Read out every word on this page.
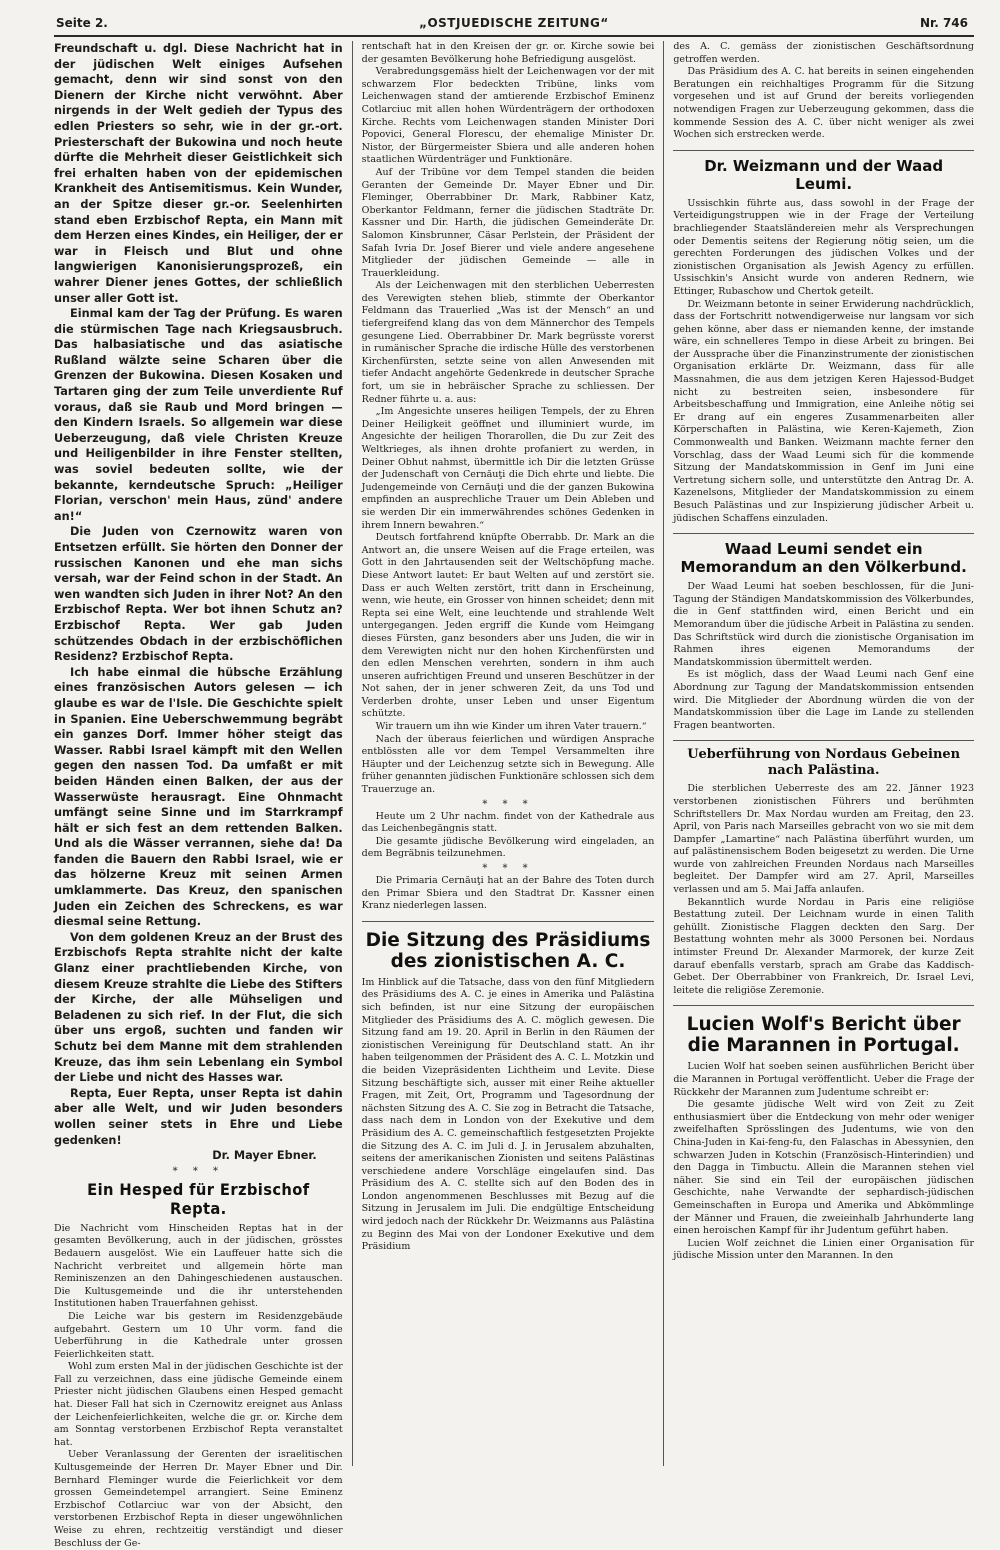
Seite 2.	„OSTJUEDISCHE ZEITUNG“	Nr. 746

Freundschaft u. dgl. Diese Nachricht hat in der jüdischen Welt einiges Aufsehen gemacht, denn wir sind sonst von den Dienern der Kirche nicht verwöhnt. Aber nirgends in der Welt gedieh der Typus des edlen Priesters so sehr, wie in der gr.-ort. Priesterschaft der Bukowina und noch heute dürfte die Mehrheit dieser Geistlichkeit sich frei erhalten haben von der epidemischen Krankheit des Antisemitismus. Kein Wunder, an der Spitze dieser gr.-or. Seelenhirten stand eben Erzbischof Repta, ein Mann mit dem Herzen eines Kindes, ein Heiliger, der er war in Fleisch und Blut und ohne langwierigen Kanonisierungsprozeß, ein wahrer Diener jenes Gottes, der schließlich unser aller Gott ist.

Einmal kam der Tag der Prüfung. Es waren die stürmischen Tage nach Kriegsausbruch. Das halbasiatische und das asiatische Rußland wälzte seine Scharen über die Grenzen der Bukowina. Diesen Kosaken und Tartaren ging der zum Teile unverdiente Ruf voraus, daß sie Raub und Mord bringen — den Kindern Israels. So allgemein war diese Ueberzeugung, daß viele Christen Kreuze und Heiligenbilder in ihre Fenster stellten, was soviel bedeuten sollte, wie der bekannte, kerndeutsche Spruch: „Heiliger Florian, verschon' mein Haus, zünd' andere an!“

Die Juden von Czernowitz waren von Entsetzen erfüllt. Sie hörten den Donner der russischen Kanonen und ehe man sichs versah, war der Feind schon in der Stadt. An wen wandten sich Juden in ihrer Not? An den Erzbischof Repta. Wer bot ihnen Schutz an? Erzbischof Repta. Wer gab Juden schützendes Obdach in der erzbischöflichen Residenz? Erzbischof Repta.

Ich habe einmal die hübsche Erzählung eines französischen Autors gelesen — ich glaube es war de l'Isle. Die Geschichte spielt in Spanien. Eine Ueberschwemmung begräbt ein ganzes Dorf. Immer höher steigt das Wasser. Rabbi Israel kämpft mit den Wellen gegen den nassen Tod. Da umfaßt er mit beiden Händen einen Balken, der aus der Wasserwüste herausragt. Eine Ohnmacht umfängt seine Sinne und im Starrkrampf hält er sich fest an dem rettenden Balken. Und als die Wässer verrannen, siehe da! Da fanden die Bauern den Rabbi Israel, wie er das hölzerne Kreuz mit seinen Armen umklammerte. Das Kreuz, den spanischen Juden ein Zeichen des Schreckens, es war diesmal seine Rettung.

Von dem goldenen Kreuz an der Brust des Erzbischofs Repta strahlte nicht der kalte Glanz einer prachtliebenden Kirche, von diesem Kreuze strahlte die Liebe des Stifters der Kirche, der alle Mühseligen und Beladenen zu sich rief. In der Flut, die sich über uns ergoß, suchten und fanden wir Schutz bei dem Manne mit dem strahlenden Kreuze, das ihm sein Lebenlang ein Symbol der Liebe und nicht des Hasses war.

Repta, Euer Repta, unser Repta ist dahin aber alle Welt, und wir Juden besonders wollen seiner stets in Ehre und Liebe gedenken!

Dr. Mayer Ebner.
* * *
Ein Hesped für Erzbischof Repta.

Die Nachricht vom Hinscheiden Reptas hat in der gesamten Bevölkerung, auch in der jüdischen, grösstes Bedauern ausgelöst. Wie ein Lauffeuer hatte sich die Nachricht verbreitet und allgemein hörte man Reminiszenzen an den Dahingeschiedenen austauschen. Die Kultusgemeinde und die ihr unterstehenden Institutionen haben Trauerfahnen gehisst.

Die Leiche war bis gestern im Residenzgebäude aufgebahrt. Gestern um 10 Uhr vorm. fand die Ueberführung in die Kathedrale unter grossen Feierlichkeiten statt.

Wohl zum ersten Mal in der jüdischen Geschichte ist der Fall zu verzeichnen, dass eine jüdische Gemeinde einem Priester nicht jüdischen Glaubens einen Hesped gemacht hat. Dieser Fall hat sich in Czernowitz ereignet aus Anlass der Leichenfeierlichkeiten, welche die gr. or. Kirche dem am Sonntag verstorbenen Erzbischof Repta veranstaltet hat.

Ueber Veranlassung der Gerenten der israelitischen Kultusgemeinde der Herren Dr. Mayer Ebner und Dir. Bernhard Fleminger wurde die Feierlichkeit vor dem grossen Gemeindetempel arrangiert. Seine Eminenz Erzbischof Cotlarciuc war von der Absicht, den verstorbenen Erzbischof Repta in dieser ungewöhnlichen Weise zu ehren, rechtzeitig verständigt und dieser Beschluss der Ge-

rentschaft hat in den Kreisen der gr. or. Kirche sowie bei der gesamten Bevölkerung hohe Befriedigung ausgelöst.

Verabredungsgemäss hielt der Leichenwagen vor der mit schwarzem Flor bedeckten Tribüne, links vom Leichenwagen stand der amtierende Erzbischof Eminenz Cotlarciuc mit allen hohen Würdenträgern der orthodoxen Kirche. Rechts vom Leichenwagen standen Minister Dori Popovici, General Florescu, der ehemalige Minister Dr. Nistor, der Bürgermeister Sbiera und alle anderen hohen staatlichen Würdenträger und Funktionäre.

Auf der Tribüne vor dem Tempel standen die beiden Geranten der Gemeinde Dr. Mayer Ebner und Dir. Fleminger, Oberrabbiner Dr. Mark, Rabbiner Katz, Oberkantor Feldmann, ferner die jüdischen Stadträte Dr. Kassner und Dir. Harth, die jüdischen Gemeinderäte Dr. Salomon Kinsbrunner, Cäsar Perlstein, der Präsident der Safah Ivria Dr. Josef Bierer und viele andere angesehene Mitglieder der jüdischen Gemeinde — alle in Trauerkleidung.

Als der Leichenwagen mit den sterblichen Ueberresten des Verewigten stehen blieb, stimmte der Oberkantor Feldmann das Trauerlied „Was ist der Mensch“ an und tiefergreifend klang das von dem Männerchor des Tempels gesungene Lied. Oberrabbiner Dr. Mark begrüsste vorerst in rumänischer Sprache die irdische Hülle des verstorbenen Kirchenfürsten, setzte seine von allen Anwesenden mit tiefer Andacht angehörte Gedenkrede in deutscher Sprache fort, um sie in hebräischer Sprache zu schliessen. Der Redner führte u. a. aus:

„Im Angesichte unseres heiligen Tempels, der zu Ehren Deiner Heiligkeit geöffnet und illuminiert wurde, im Angesichte der heiligen Thorarollen, die Du zur Zeit des Weltkrieges, als ihnen drohte profaniert zu werden, in Deiner Obhut nahmst, übermittle ich Dir die letzten Grüsse der Judenschaft von Cernăuţi die Dich ehrte und liebte. Die Judengemeinde von Cernăuţi und die der ganzen Bukowina empfinden an ausprechliche Trauer um Dein Ableben und sie werden Dir ein immerwährendes schönes Gedenken in ihrem Innern bewahren.“

Deutsch fortfahrend knüpfte Oberrabb. Dr. Mark an die Antwort an, die unsere Weisen auf die Frage erteilen, was Gott in den Jahrtausenden seit der Weltschöpfung mache. Diese Antwort lautet: Er baut Welten auf und zerstört sie. Dass er auch Welten zerstört, tritt dann in Erscheinung, wenn, wie heute, ein Grosser von hinnen scheidet; denn mit Repta sei eine Welt, eine leuchtende und strahlende Welt untergegangen. Jeden ergriff die Kunde vom Heimgang dieses Fürsten, ganz besonders aber uns Juden, die wir in dem Verewigten nicht nur den hohen Kirchenfürsten und den edlen Menschen verehrten, sondern in ihm auch unseren aufrichtigen Freund und unseren Beschützer in der Not sahen, der in jener schweren Zeit, da uns Tod und Verderben drohte, unser Leben und unser Eigentum schützte.

Wir trauern um ihn wie Kinder um ihren Vater trauern.“

Nach der überaus feierlichen und würdigen Ansprache entblössten alle vor dem Tempel Versammelten ihre Häupter und der Leichenzug setzte sich in Bewegung. Alle früher genannten jüdischen Funktionäre schlossen sich dem Trauerzuge an.

* * *

Heute um 2 Uhr nachm. findet von der Kathedrale aus das Leichenbegängnis statt.

Die gesamte jüdische Bevölkerung wird eingeladen, an dem Begräbnis teilzunehmen.

* * *

Die Primaria Cernăuţi hat an der Bahre des Toten durch den Primar Sbiera und den Stadtrat Dr. Kassner einen Kranz niederlegen lassen.

Die Sitzung des Präsidiums des zionistischen A. C.

Im Hinblick auf die Tatsache, dass von den fünf Mitgliedern des Präsidiums des A. C. je eines in Amerika und Palästina sich befinden, ist nur eine Sitzung der europäischen Mitglieder des Präsidiums des A. C. möglich gewesen. Die Sitzung fand am 19. 20. April in Berlin in den Räumen der zionistischen Vereinigung für Deutschland statt. An ihr haben teilgenommen der Präsident des A. C. L. Motzkin und die beiden Vizepräsidenten Lichtheim und Levite. Diese Sitzung beschäftigte sich, ausser mit einer Reihe aktueller Fragen, mit Zeit, Ort, Programm und Tagesordnung der nächsten Sitzung des A. C. Sie zog in Betracht die Tatsache, dass nach dem in London von der Exekutive und dem Präsidium des A. C. gemeinschaftlich festgesetzten Projekte die Sitzung des A. C. im Juli d. J. in Jerusalem abzuhalten, seitens der amerikanischen Zionisten und seitens Palästinas verschiedene andere Vorschläge eingelaufen sind. Das Präsidium des A. C. stellte sich auf den Boden des in London angenommenen Beschlusses mit Bezug auf die Sitzung in Jerusalem im Juli. Die endgültige Entscheidung wird jedoch nach der Rückkehr Dr. Weizmanns aus Palästina zu Beginn des Mai von der Londoner Exekutive und dem Präsidium

des A. C. gemäss der zionistischen Geschäftsordnung getroffen werden.

Das Präsidium des A. C. hat bereits in seinen eingehenden Beratungen ein reichhaltiges Programm für die Sitzung vorgesehen und ist auf Grund der bereits vorliegenden notwendigen Fragen zur Ueberzeugung gekommen, dass die kommende Session des A. C. über nicht weniger als zwei Wochen sich erstrecken werde.

Dr. Weizmann und der Waad Leumi.

Ussischkin führte aus, dass sowohl in der Frage der Verteidigungstruppen wie in der Frage der Verteilung brachliegender Staatsländereien mehr als Versprechungen oder Dementis seitens der Regierung nötig seien, um die gerechten Forderungen des jüdischen Volkes und der zionistischen Organisation als Jewish Agency zu erfüllen. Ussischkin's Ansicht wurde von anderen Rednern, wie Ettinger, Rubaschow und Chertok geteilt.

Dr. Weizmann betonte in seiner Erwiderung nachdrücklich, dass der Fortschritt notwendigerweise nur langsam vor sich gehen könne, aber dass er niemanden kenne, der imstande wäre, ein schnelleres Tempo in diese Arbeit zu bringen. Bei der Aussprache über die Finanzinstrumente der zionistischen Organisation erklärte Dr. Weizmann, dass für alle Massnahmen, die aus dem jetzigen Keren Hajessod-Budget nicht zu bestreiten seien, insbesondere für Arbeitsbeschaffung und Immigration, eine Anleihe nötig sei Er drang auf ein engeres Zusammenarbeiten aller Körperschaften in Palästina, wie Keren-Kajemeth, Zion Commonwealth und Banken. Weizmann machte ferner den Vorschlag, dass der Waad Leumi sich für die kommende Sitzung der Mandatskommission in Genf im Juni eine Vertretung sichern solle, und unterstützte den Antrag Dr. A. Kazenelsons, Mitglieder der Mandatskommission zu einem Besuch Palästinas und zur Inspizierung jüdischer Arbeit u. jüdischen Schaffens einzuladen.

Waad Leumi sendet ein Memorandum an den Völkerbund.

Der Waad Leumi hat soeben beschlossen, für die Juni-Tagung der Ständigen Mandatskommission des Völkerbundes, die in Genf stattfinden wird, einen Bericht und ein Memorandum über die jüdische Arbeit in Palästina zu senden. Das Schriftstück wird durch die zionistische Organisation im Rahmen ihres eigenen Memorandums der Mandatskommission übermittelt werden.

Es ist möglich, dass der Waad Leumi nach Genf eine Abordnung zur Tagung der Mandatskommission entsenden wird. Die Mitglieder der Abordnung würden die von der Mandatskommission über die Lage im Lande zu stellenden Fragen beantworten.

Ueberführung von Nordaus Gebeinen nach Palästina.

Die sterblichen Ueberreste des am 22. Jänner 1923 verstorbenen zionistischen Führers und berühmten Schriftstellers Dr. Max Nordau wurden am Freitag, den 23. April, von Paris nach Marseilles gebracht von wo sie mit dem Dampfer „Lamartine“ nach Palästina überführt wurden, um auf palästinensischem Boden beigesetzt zu werden. Die Urne wurde von zahlreichen Freunden Nordaus nach Marseilles begleitet. Der Dampfer wird am 27. April, Marseilles verlassen und am 5. Mai Jaffa anlaufen.

Bekanntlich wurde Nordau in Paris eine religiöse Bestattung zuteil. Der Leichnam wurde in einen Talith gehüllt. Zionistische Flaggen deckten den Sarg. Der Bestattung wohnten mehr als 3000 Personen bei. Nordaus intimster Freund Dr. Alexander Marmorek, der kurze Zeit darauf ebenfalls verstarb, sprach am Grabe das Kaddisch-Gebet. Der Oberrabbiner von Frankreich, Dr. Israel Levi, leitete die religiöse Zeremonie.

Lucien Wolf's Bericht über die Marannen in Portugal.

Lucien Wolf hat soeben seinen ausführlichen Bericht über die Marannen in Portugal veröffentlicht. Ueber die Frage der Rückkehr der Marannen zum Judentume schreibt er:

Die gesamte jüdische Welt wird von Zeit zu Zeit enthusiasmiert über die Entdeckung von mehr oder weniger zweifelhaften Sprösslingen des Judentums, wie von den China-Juden in Kai-feng-fu, den Falaschas in Abessynien, den schwarzen Juden in Kotschin (Französisch-Hinterindien) und den Dagga in Timbuctu. Allein die Marannen stehen viel näher. Sie sind ein Teil der europäischen jüdischen Geschichte, nahe Verwandte der sephardisch-jüdischen Gemeinschaften in Europa und Amerika und Abkömmlinge der Männer und Frauen, die zweieinhalb Jahrhunderte lang einen heroischen Kampf für ihr Judentum geführt haben.

Lucien Wolf zeichnet die Linien einer Organisation für jüdische Mission unter den Marannen. In den
